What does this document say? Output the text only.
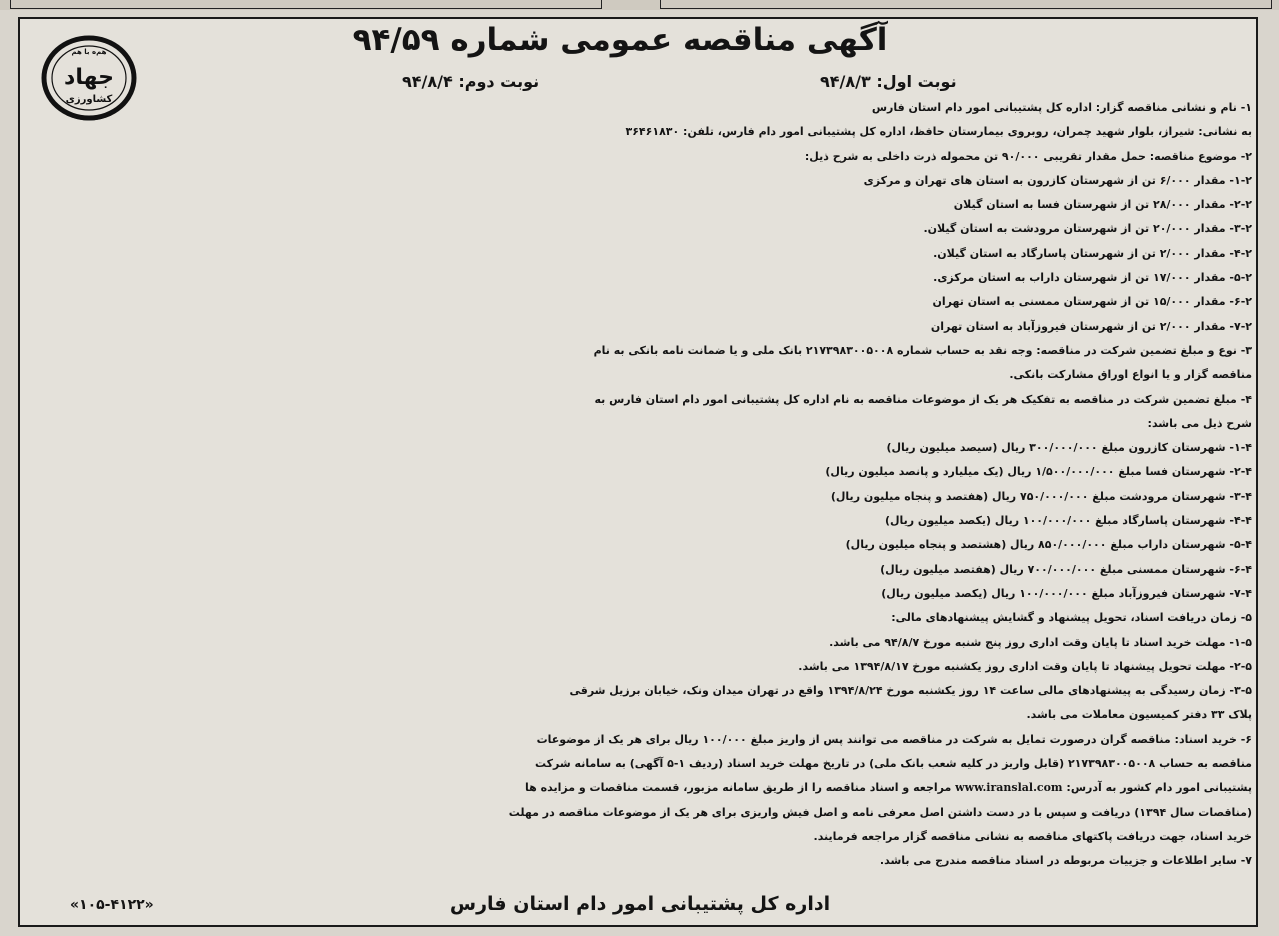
آگهی مناقصه عمومی شماره ۹۴/۵۹
هم‌ه با هم
جهاد
کشاورزی
نوبت اول: ۹۴/۸/۳
نوبت دوم: ۹۴/۸/۴
۱- نام و نشانی مناقصه گزار: اداره کل پشتیبانی امور دام استان فارس
به نشانی: شیراز، بلوار شهید چمران، روبروی بیمارستان حافظ، اداره کل پشتیبانی امور دام فارس، تلفن: ۳۶۴۶۱۸۳۰
۲- موضوع مناقصه: حمل مقدار تقریبی ۹۰/۰۰۰ تن محموله ذرت داخلی به شرح ذیل:
۱-۲- مقدار ۶/۰۰۰ تن از شهرستان کازرون به استان های تهران و مرکزی
۲-۲- مقدار ۲۸/۰۰۰ تن از شهرستان فسا به استان گیلان
۳-۲- مقدار ۲۰/۰۰۰ تن از شهرستان مرودشت به استان گیلان.
۴-۲- مقدار ۲/۰۰۰ تن از شهرستان پاسارگاد به استان گیلان.
۵-۲- مقدار ۱۷/۰۰۰ تن از شهرستان داراب به استان مرکزی.
۶-۲- مقدار ۱۵/۰۰۰ تن از شهرستان ممسنی به استان تهران
۷-۲- مقدار ۲/۰۰۰ تن از شهرستان فیروزآباد به استان تهران
۳- نوع و مبلغ تضمین شرکت در مناقصه: وجه نقد به حساب شماره ۲۱۷۳۹۸۳۰۰۵۰۰۸ بانک ملی و یا ضمانت نامه بانکی به نام
مناقصه گزار و یا انواع اوراق مشارکت بانکی.
۴- مبلغ تضمین شرکت در مناقصه به تفکیک هر یک از موضوعات مناقصه به نام اداره کل پشتیبانی امور دام استان فارس به
شرح ذیل می باشد:
۱-۴- شهرستان کازرون مبلغ ۳۰۰/۰۰۰/۰۰۰ ریال (سیصد میلیون ریال)
۲-۴- شهرستان فسا مبلغ ۱/۵۰۰/۰۰۰/۰۰۰ ریال (یک میلیارد و پانصد میلیون ریال)
۳-۴- شهرستان مرودشت مبلغ ۷۵۰/۰۰۰/۰۰۰ ریال (هفتصد و پنجاه میلیون ریال)
۴-۴- شهرستان پاسارگاد مبلغ ۱۰۰/۰۰۰/۰۰۰ ریال (یکصد میلیون ریال)
۵-۴- شهرستان داراب مبلغ ۸۵۰/۰۰۰/۰۰۰ ریال (هشتصد و پنجاه میلیون ریال)
۶-۴- شهرستان ممسنی مبلغ ۷۰۰/۰۰۰/۰۰۰ ریال (هفتصد میلیون ریال)
۷-۴- شهرستان فیروزآباد مبلغ ۱۰۰/۰۰۰/۰۰۰ ریال (یکصد میلیون ریال)
۵- زمان دریافت اسناد، تحویل پیشنهاد و گشایش پیشنهادهای مالی:
۱-۵- مهلت خرید اسناد تا پایان وقت اداری روز پنج شنبه مورخ ۹۴/۸/۷ می باشد.
۲-۵- مهلت تحویل پیشنهاد تا پایان وقت اداری روز یکشنبه مورخ ۱۳۹۴/۸/۱۷ می باشد.
۳-۵- زمان رسیدگی به پیشنهادهای مالی ساعت ۱۴ روز یکشنبه مورخ ۱۳۹۴/۸/۲۴ واقع در تهران میدان ونک، خیابان برزیل شرقی
پلاک ۳۳ دفتر کمیسیون معاملات می باشد.
۶- خرید اسناد: مناقصه گران درصورت تمایل به شرکت در مناقصه می توانند پس از واریز مبلغ ۱۰۰/۰۰۰ ریال برای هر یک از موضوعات
مناقصه به حساب ۲۱۷۳۹۸۳۰۰۵۰۰۸ (قابل واریز در کلیه شعب بانک ملی) در تاریخ مهلت خرید اسناد (ردیف ۱-۵ آگهی) به سامانه شرکت
پشتیبانی امور دام کشور به آدرس: www.iranslal.com مراجعه و اسناد مناقصه را از طریق سامانه مزبور، قسمت مناقصات و مزایده ها
(مناقصات سال ۱۳۹۴) دریافت و سپس با در دست داشتن اصل معرفی نامه و اصل فیش واریزی برای هر یک از موضوعات مناقصه در مهلت
خرید اسناد، جهت دریافت پاکتهای مناقصه به نشانی مناقصه گزار مراجعه فرمایند.
۷- سایر اطلاعات و جزییات مربوطه در اسناد مناقصه مندرج می باشد.
اداره کل پشتیبانی امور دام استان فارس
«۱۰۵-۴۱۲۲»
